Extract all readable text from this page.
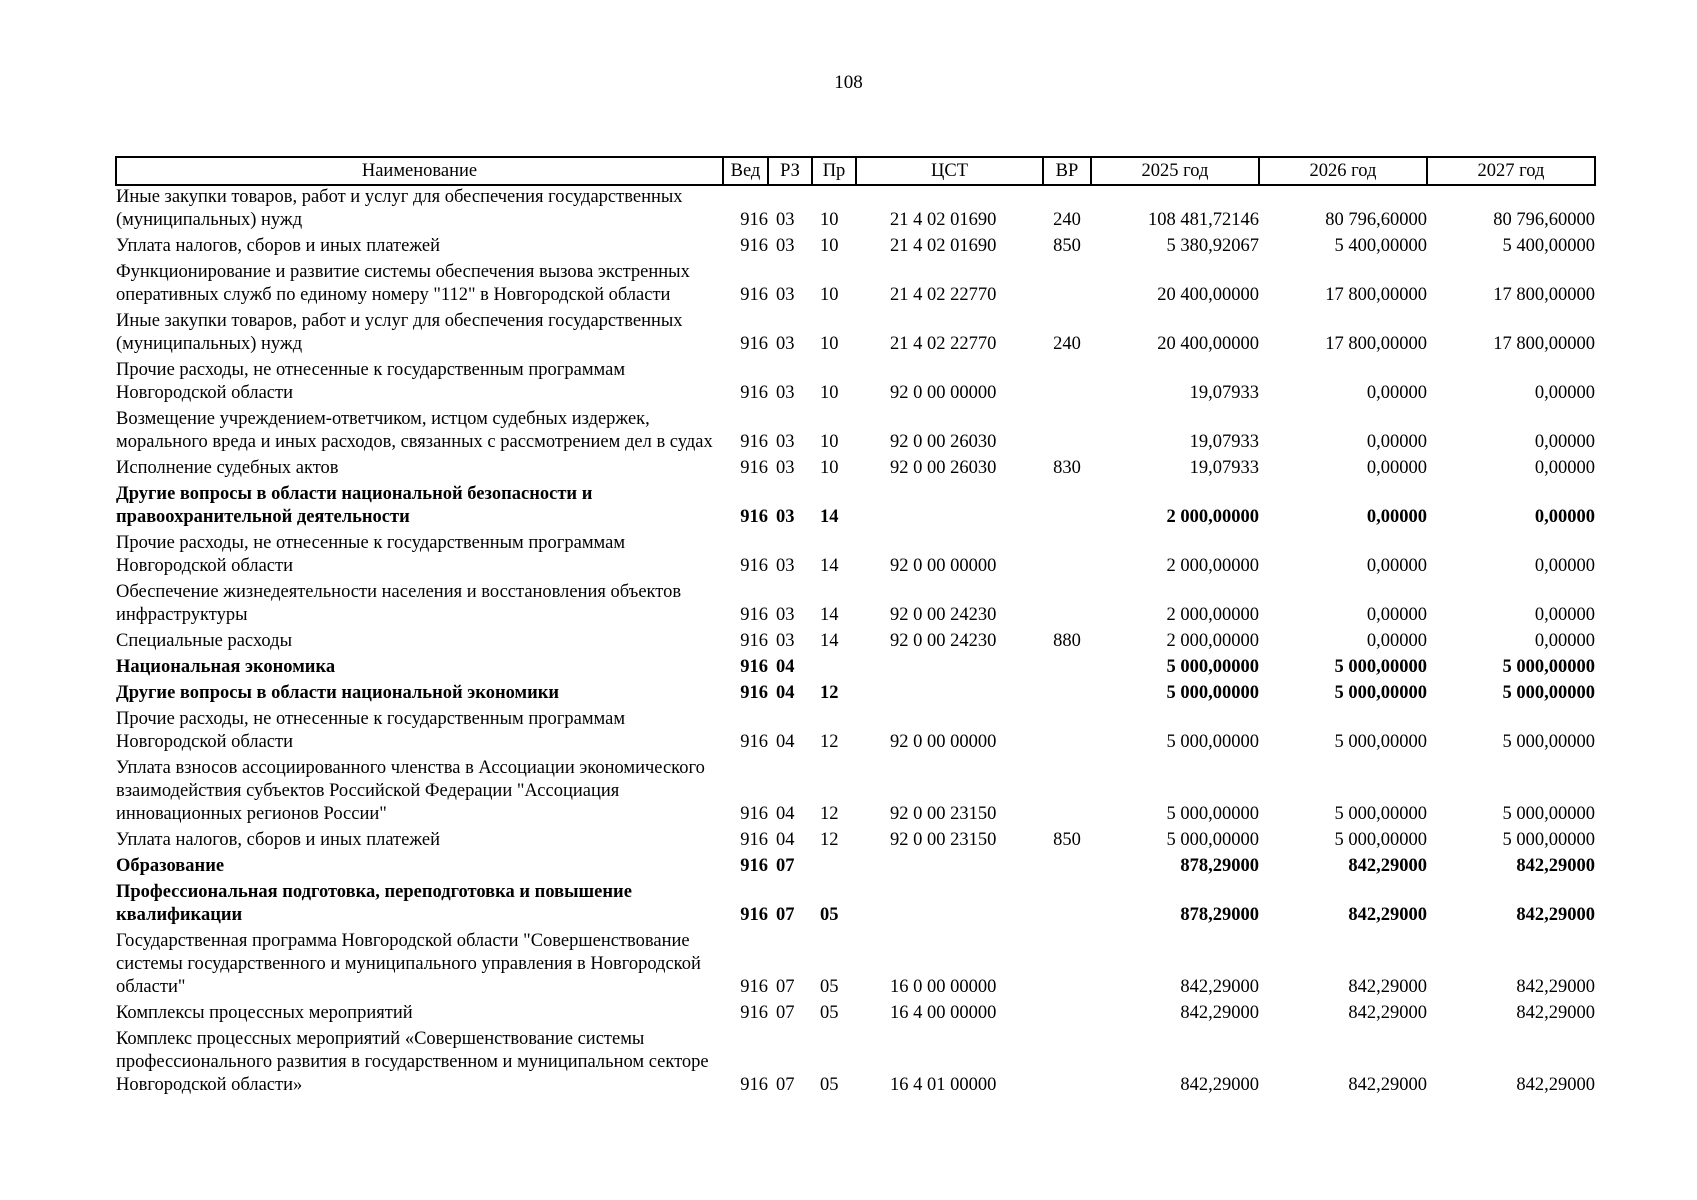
108
Наименование	Вед	РЗ	Пр	ЦСТ	ВР	2025 год	2026 год	2027 год
Иные закупки товаров, работ и услуг для обеспечения государственных (муниципальных) нужд	916	03	10	21 4 02 01690	240	108 481,72146	80 796,60000	80 796,60000
Уплата налогов, сборов и иных платежей	916	03	10	21 4 02 01690	850	5 380,92067	5 400,00000	5 400,00000
Функционирование и развитие системы обеспечения вызова экстренных оперативных служб по единому номеру "112" в Новгородской области	916	03	10	21 4 02 22770		20 400,00000	17 800,00000	17 800,00000
Иные закупки товаров, работ и услуг для обеспечения государственных (муниципальных) нужд	916	03	10	21 4 02 22770	240	20 400,00000	17 800,00000	17 800,00000
Прочие расходы, не отнесенные к государственным программам Новгородской области	916	03	10	92 0 00 00000		19,07933	0,00000	0,00000
Возмещение учреждением-ответчиком, истцом судебных издержек, морального вреда и иных расходов, связанных с рассмотрением дел в судах	916	03	10	92 0 00 26030		19,07933	0,00000	0,00000
Исполнение судебных актов	916	03	10	92 0 00 26030	830	19,07933	0,00000	0,00000
Другие вопросы в области национальной безопасности и правоохранительной деятельности	916	03	14			2 000,00000	0,00000	0,00000
Прочие расходы, не отнесенные к государственным программам Новгородской области	916	03	14	92 0 00 00000		2 000,00000	0,00000	0,00000
Обеспечение жизнедеятельности населения и восстановления объектов инфраструктуры	916	03	14	92 0 00 24230		2 000,00000	0,00000	0,00000
Специальные расходы	916	03	14	92 0 00 24230	880	2 000,00000	0,00000	0,00000
Национальная экономика	916	04				5 000,00000	5 000,00000	5 000,00000
Другие вопросы в области национальной экономики	916	04	12			5 000,00000	5 000,00000	5 000,00000
Прочие расходы, не отнесенные к государственным программам Новгородской области	916	04	12	92 0 00 00000		5 000,00000	5 000,00000	5 000,00000
Уплата взносов ассоциированного членства в Ассоциации экономического взаимодействия субъектов Российской Федерации "Ассоциация инновационных регионов России"	916	04	12	92 0 00 23150		5 000,00000	5 000,00000	5 000,00000
Уплата налогов, сборов и иных платежей	916	04	12	92 0 00 23150	850	5 000,00000	5 000,00000	5 000,00000
Образование	916	07				878,29000	842,29000	842,29000
Профессиональная подготовка, переподготовка и повышение квалификации	916	07	05			878,29000	842,29000	842,29000
Государственная программа Новгородской области "Совершенствование системы государственного и муниципального управления в Новгородской области"	916	07	05	16 0 00 00000		842,29000	842,29000	842,29000
Комплексы процессных мероприятий	916	07	05	16 4 00 00000		842,29000	842,29000	842,29000
Комплекс процессных мероприятий «Совершенствование системы профессионального развития в государственном и муниципальном секторе Новгородской области»	916	07	05	16 4 01 00000		842,29000	842,29000	842,29000
